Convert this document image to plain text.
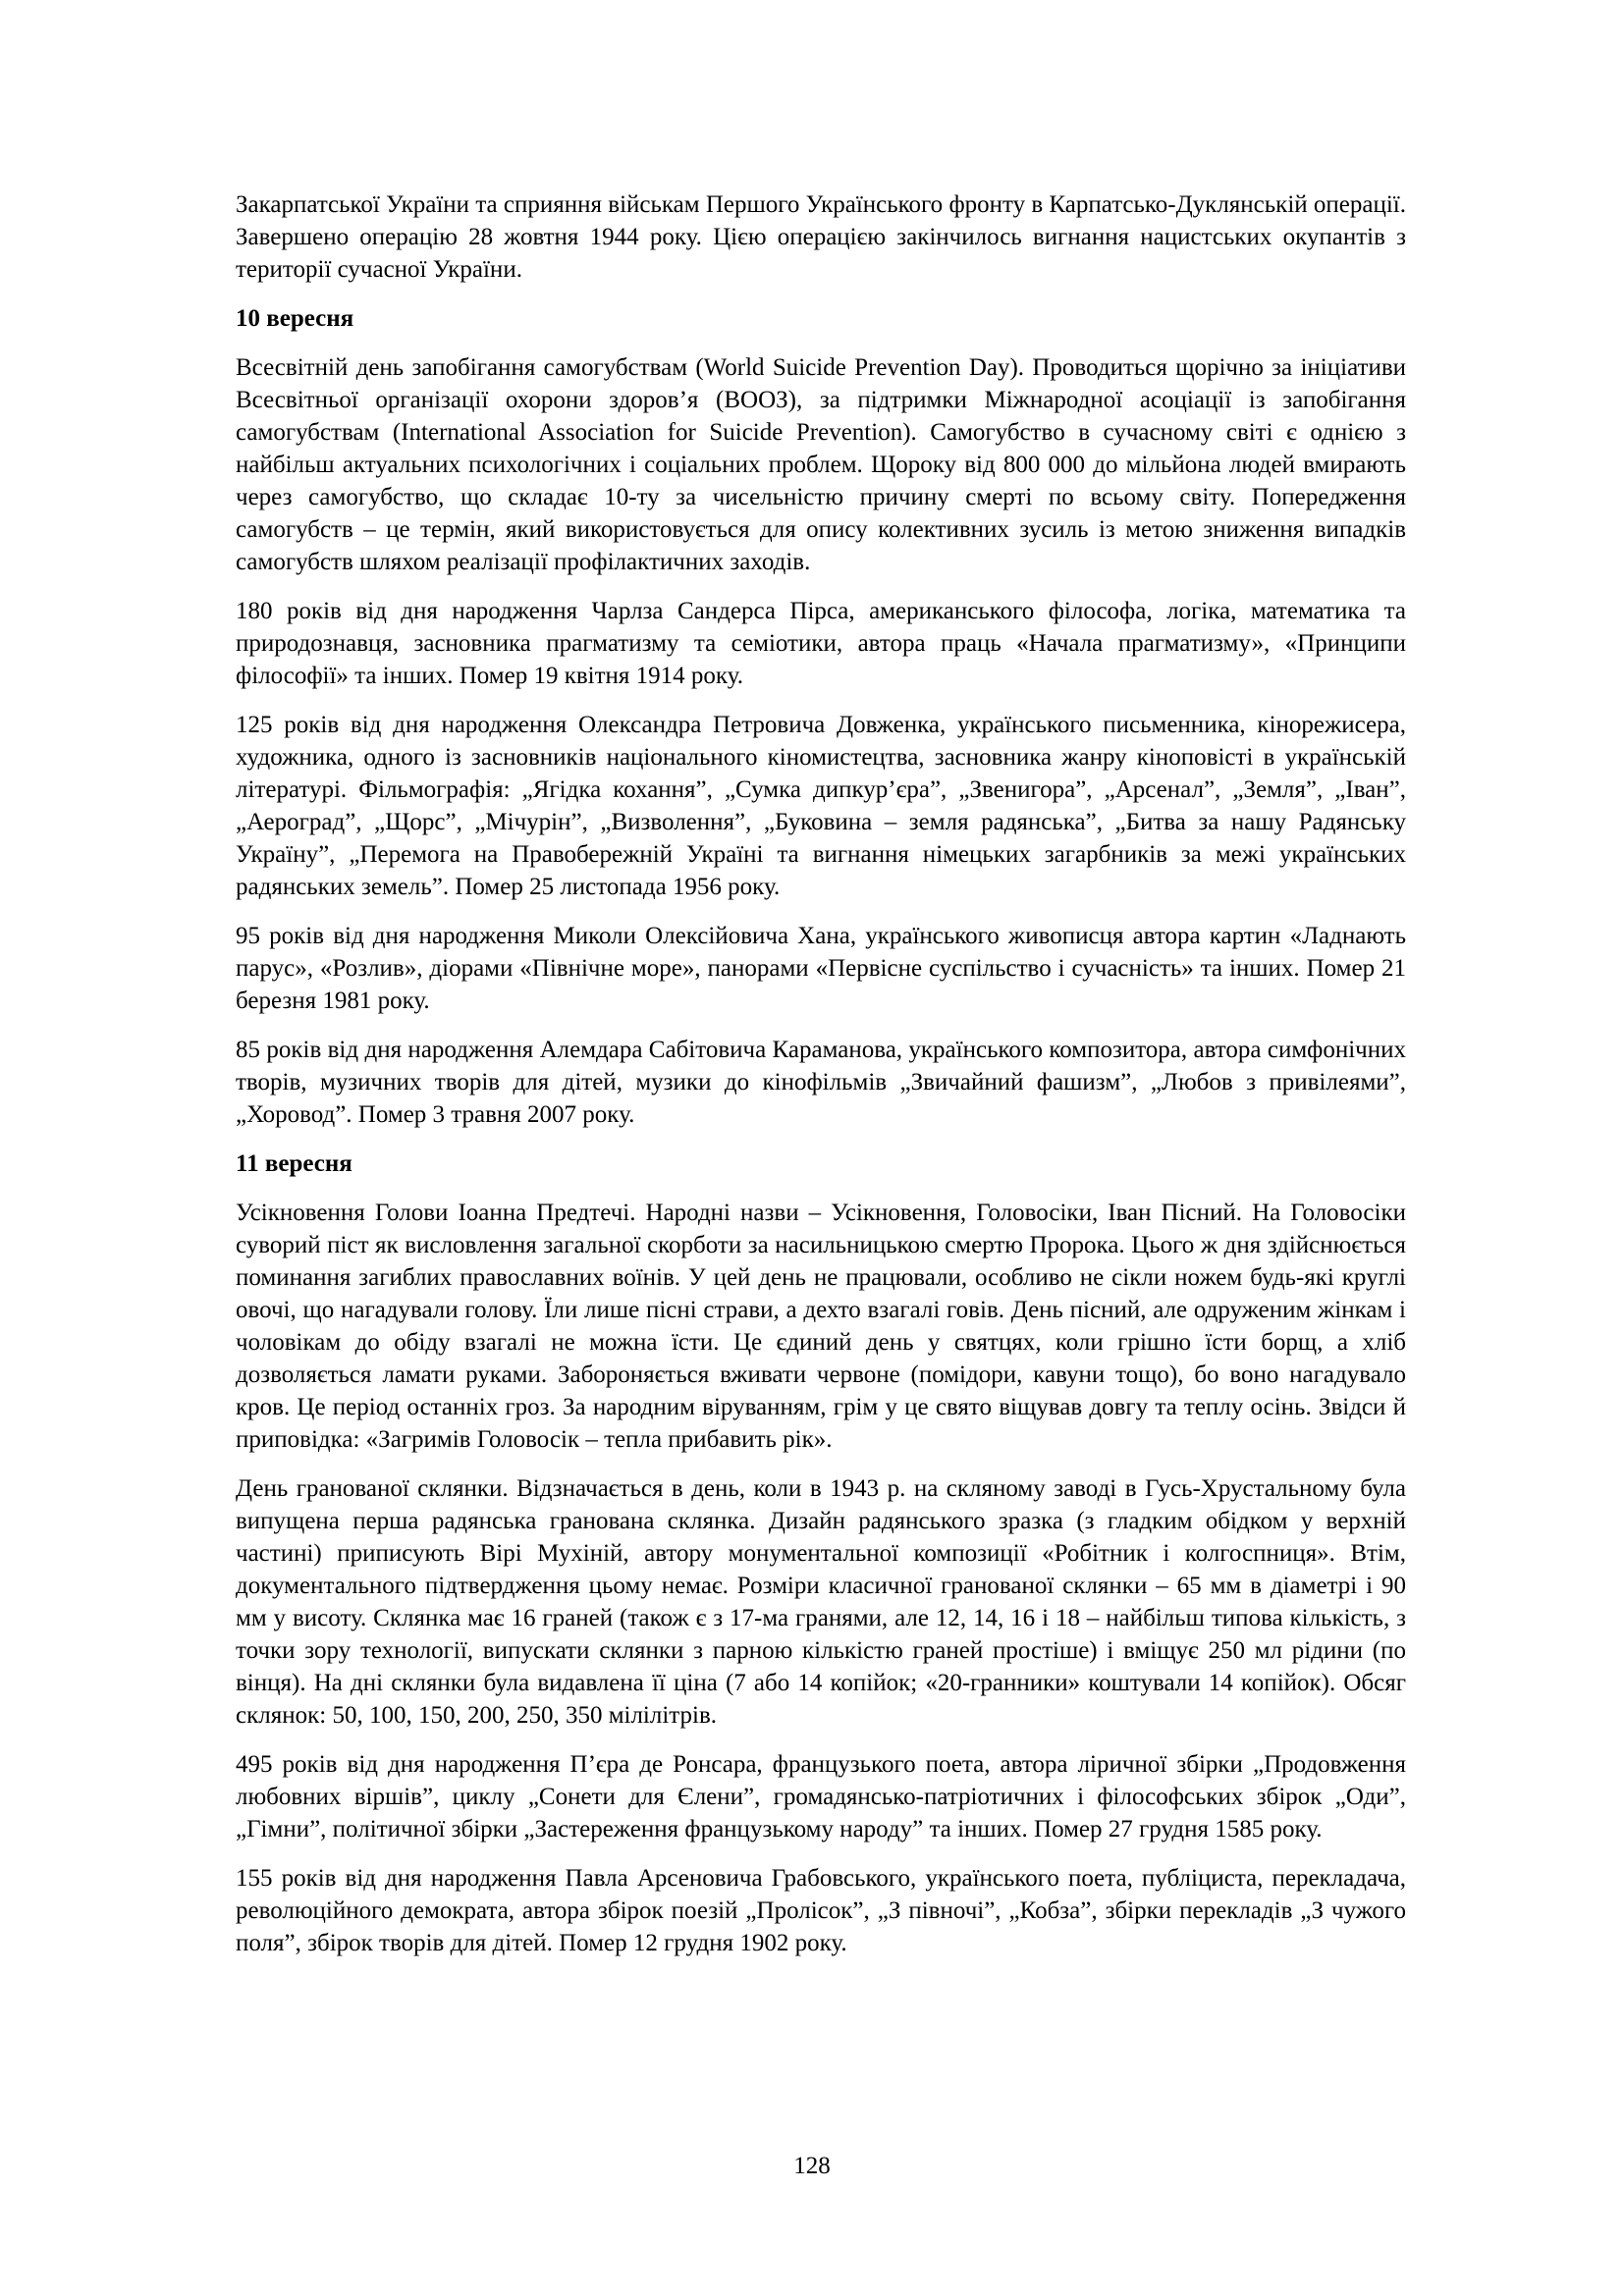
Закарпатської України та сприяння військам Першого Українського фронту в Карпатсько-Дуклянській операції. Завершено операцію 28 жовтня 1944 року. Цією операцією закінчилось вигнання нацистських окупантів з території сучасної України.

10 вересня

Всесвітній день запобігання самогубствам (World Suicide Prevention Day). Проводиться щорічно за ініціативи Всесвітньої організації охорони здоров’я (ВООЗ), за підтримки Міжнародної асоціації із запобігання самогубствам (International Association for Suicide Prevention). Самогубство в сучасному світі є однією з найбільш актуальних психологічних і соціальних проблем. Щороку від 800 000 до мільйона людей вмирають через самогубство, що складає 10-ту за чисельністю причину смерті по всьому світу. Попередження самогубств – це термін, який використовується для опису колективних зусиль із метою зниження випадків самогубств шляхом реалізації профілактичних заходів.

180 років від дня народження Чарлза Сандерса Пірса, американського філософа, логіка, математика та природознавця, засновника прагматизму та семіотики, автора праць «Начала прагматизму», «Принципи філософії» та інших. Помер 19 квітня 1914 року.

125 років від дня народження Олександра Петровича Довженка, українського письменника, кінорежисера, художника, одного із засновників національного кіномистецтва, засновника жанру кіноповісті в українській літературі. Фільмографія: „Ягідка кохання”, „Сумка дипкур’єра”, „Звенигора”, „Арсенал”, „Земля”, „Іван”, „Аероград”, „Щорс”, „Мічурін”, „Визволення”, „Буковина – земля радянська”, „Битва за нашу Радянську Україну”, „Перемога на Правобережній Україні та вигнання німецьких загарбників за межі українських радянських земель”. Помер 25 листопада 1956 року.

95 років від дня народження Миколи Олексійовича Хана, українського живописця автора картин «Ладнають парус», «Розлив», діорами «Північне море», панорами «Первісне суспільство і сучасність» та інших. Помер 21 березня 1981 року.

85 років від дня народження Алемдара Сабітовича Караманова, українського композитора, автора симфонічних творів, музичних творів для дітей, музики до кінофільмів „Звичайний фашизм”, „Любов з привілеями”, „Хоровод”. Помер 3 травня 2007 року.

11 вересня

Усікновення Голови Іоанна Предтечі. Народні назви – Усікновення, Головосіки, Іван Пісний. На Головосіки суворий піст як висловлення загальної скорботи за насильницькою смертю Пророка. Цього ж дня здійснюється поминання загиблих православних воїнів. У цей день не працювали, особливо не сікли ножем будь-які круглі овочі, що нагадували голову. Їли лише пісні страви, а дехто взагалі говів. День пісний, але одруженим жінкам і чоловікам до обіду взагалі не можна їсти. Це єдиний день у святцях, коли грішно їсти борщ, а хліб дозволяється ламати руками. Забороняється вживати червоне (помідори, кавуни тощо), бо воно нагадувало кров. Це період останніх гроз. За народним віруванням, грім у це свято віщував довгу та теплу осінь. Звідси й приповідка: «Загримів Головосік – тепла прибавить рік».

День гранованої склянки. Відзначається в день, коли в 1943 р. на скляному заводі в Гусь-Хрустальному була випущена перша радянська гранована склянка. Дизайн радянського зразка (з гладким обідком у верхній частині) приписують Вірі Мухіній, автору монументальної композиції «Робітник і колгоспниця». Втім, документального підтвердження цьому немає. Розміри класичної гранованої склянки – 65 мм в діаметрі і 90 мм у висоту. Склянка має 16 граней (також є з 17-ма гранями, але 12, 14, 16 і 18 – найбільш типова кількість, з точки зору технології, випускати склянки з парною кількістю граней простіше) і вміщує 250 мл рідини (по вінця). На дні склянки була видавлена її ціна (7 або 14 копійок; «20-гранники» коштували 14 копійок). Обсяг склянок: 50, 100, 150, 200, 250, 350 мілілітрів.

495 років від дня народження П’єра де Ронсара, французького поета, автора ліричної збірки „Продовження любовних віршів”, циклу „Сонети для Єлени”, громадянсько-патріотичних і філософських збірок „Оди”, „Гімни”, політичної збірки „Застереження французькому народу” та інших. Помер 27 грудня 1585 року.

155 років від дня народження Павла Арсеновича Грабовського, українського поета, публіциста, перекладача, революційного демократа, автора збірок поезій „Пролісок”, „З півночі”, „Кобза”, збірки перекладів „З чужого поля”, збірок творів для дітей. Помер 12 грудня 1902 року.

128
